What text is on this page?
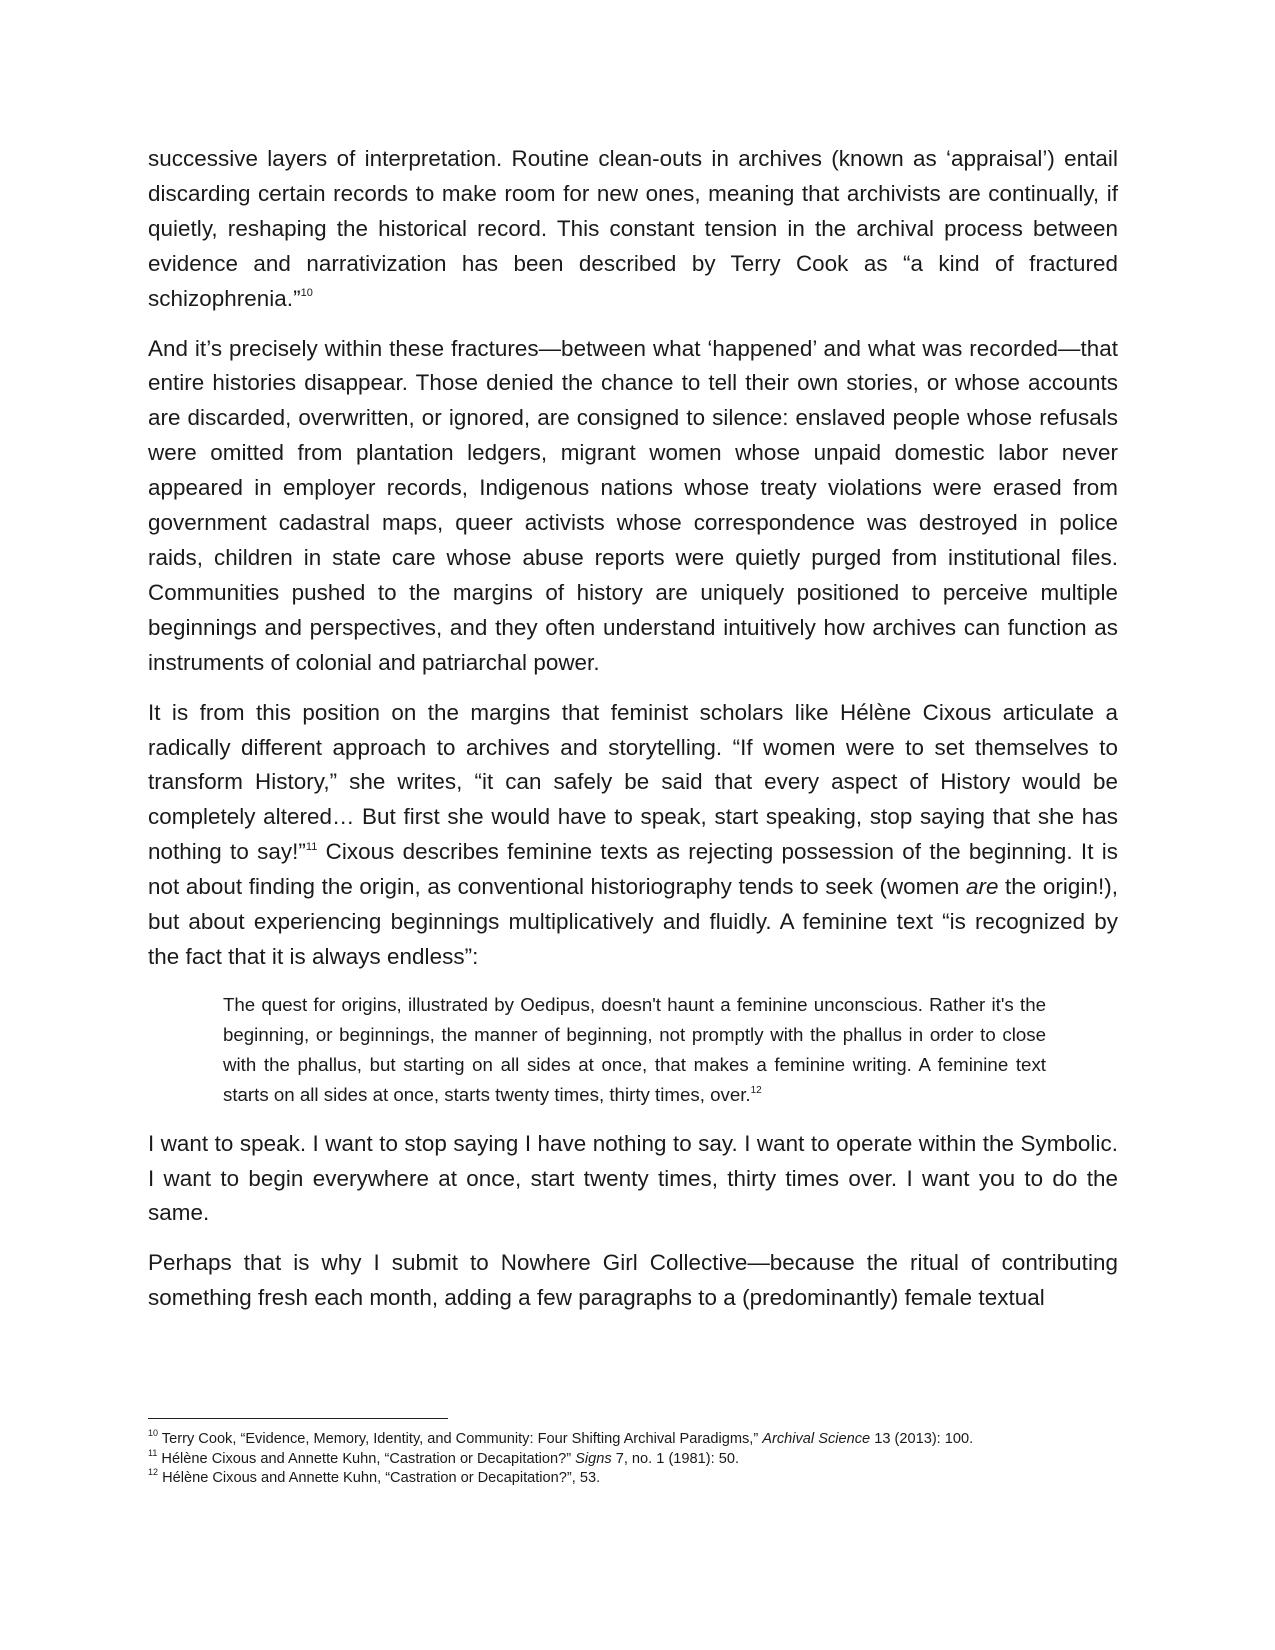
successive layers of interpretation. Routine clean-outs in archives (known as ‘appraisal’) entail discarding certain records to make room for new ones, meaning that archivists are continually, if quietly, reshaping the historical record. This constant tension in the archival process between evidence and narrativization has been described by Terry Cook as “a kind of fractured schizophrenia.”$^{10}$

And it’s precisely within these fractures—between what ‘happened’ and what was recorded—that entire histories disappear. Those denied the chance to tell their own stories, or whose accounts are discarded, overwritten, or ignored, are consigned to silence: enslaved people whose refusals were omitted from plantation ledgers, migrant women whose unpaid domestic labor never appeared in employer records, Indigenous nations whose treaty violations were erased from government cadastral maps, queer activists whose correspondence was destroyed in police raids, children in state care whose abuse reports were quietly purged from institutional files. Communities pushed to the margins of history are uniquely positioned to perceive multiple beginnings and perspectives, and they often understand intuitively how archives can function as instruments of colonial and patriarchal power.

It is from this position on the margins that feminist scholars like Hélène Cixous articulate a radically different approach to archives and storytelling. “If women were to set themselves to transform History,” she writes, “it can safely be said that every aspect of History would be completely altered… But first she would have to speak, start speaking, stop saying that she has nothing to say!”$^{11}$ Cixous describes feminine texts as rejecting possession of the beginning. It is not about finding the origin, as conventional historiography tends to seek (women are the origin!), but about experiencing beginnings multiplicatively and fluidly. A feminine text “is recognized by the fact that it is always endless”:

The quest for origins, illustrated by Oedipus, doesn't haunt a feminine unconscious. Rather it's the beginning, or beginnings, the manner of beginning, not promptly with the phallus in order to close with the phallus, but starting on all sides at once, that makes a feminine writing. A feminine text starts on all sides at once, starts twenty times, thirty times, over.$^{12}$

I want to speak. I want to stop saying I have nothing to say. I want to operate within the Symbolic. I want to begin everywhere at once, start twenty times, thirty times over. I want you to do the same.

Perhaps that is why I submit to Nowhere Girl Collective—because the ritual of contributing something fresh each month, adding a few paragraphs to a (predominantly) female textual

$^{10}$ Terry Cook, “Evidence, Memory, Identity, and Community: Four Shifting Archival Paradigms,” Archival Science 13 (2013): 100.

$^{11}$ Hélène Cixous and Annette Kuhn, “Castration or Decapitation?” Signs 7, no. 1 (1981): 50.

$^{12}$ Hélène Cixous and Annette Kuhn, “Castration or Decapitation?”, 53.
